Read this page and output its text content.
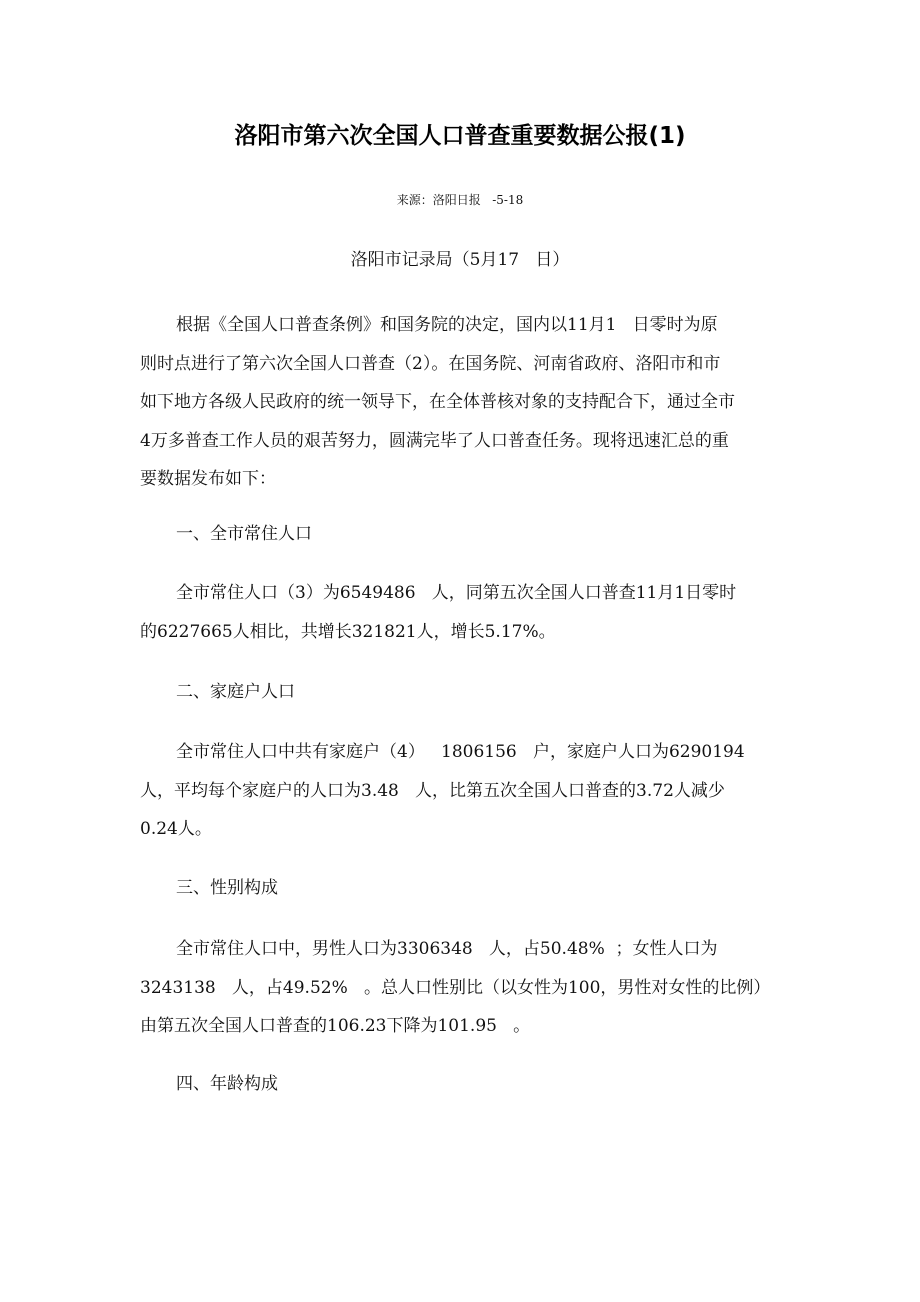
洛阳市第六次全国人口普查重要数据公报(1)
来源：洛阳日报   -5-18
洛阳市记录局（5月17   日）
根据《全国人口普查条例》和国务院的决定，国内以11月1   日零时为原
则时点进行了第六次全国人口普查（2）。在国务院、河南省政府、洛阳市和市
如下地方各级人民政府的统一领导下，在全体普核对象的支持配合下，通过全市
4万多普查工作人员的艰苦努力，圆满完毕了人口普查任务。现将迅速汇总的重
要数据发布如下：
一、全市常住人口
全市常住人口（3）为6549486   人，同第五次全国人口普查11月1日零时
的6227665人相比，共增长321821人，增长5.17%。
二、家庭户人口
全市常住人口中共有家庭户（4）   1806156   户，家庭户人口为6290194
人，平均每个家庭户的人口为3.48   人，比第五次全国人口普查的3.72人减少
0.24人。
三、性别构成
全市常住人口中，男性人口为3306348   人，占50.48%  ；女性人口为
3243138   人，占49.52%   。总人口性别比（以女性为100，男性对女性的比例）
由第五次全国人口普查的106.23下降为101.95   。
四、年龄构成
